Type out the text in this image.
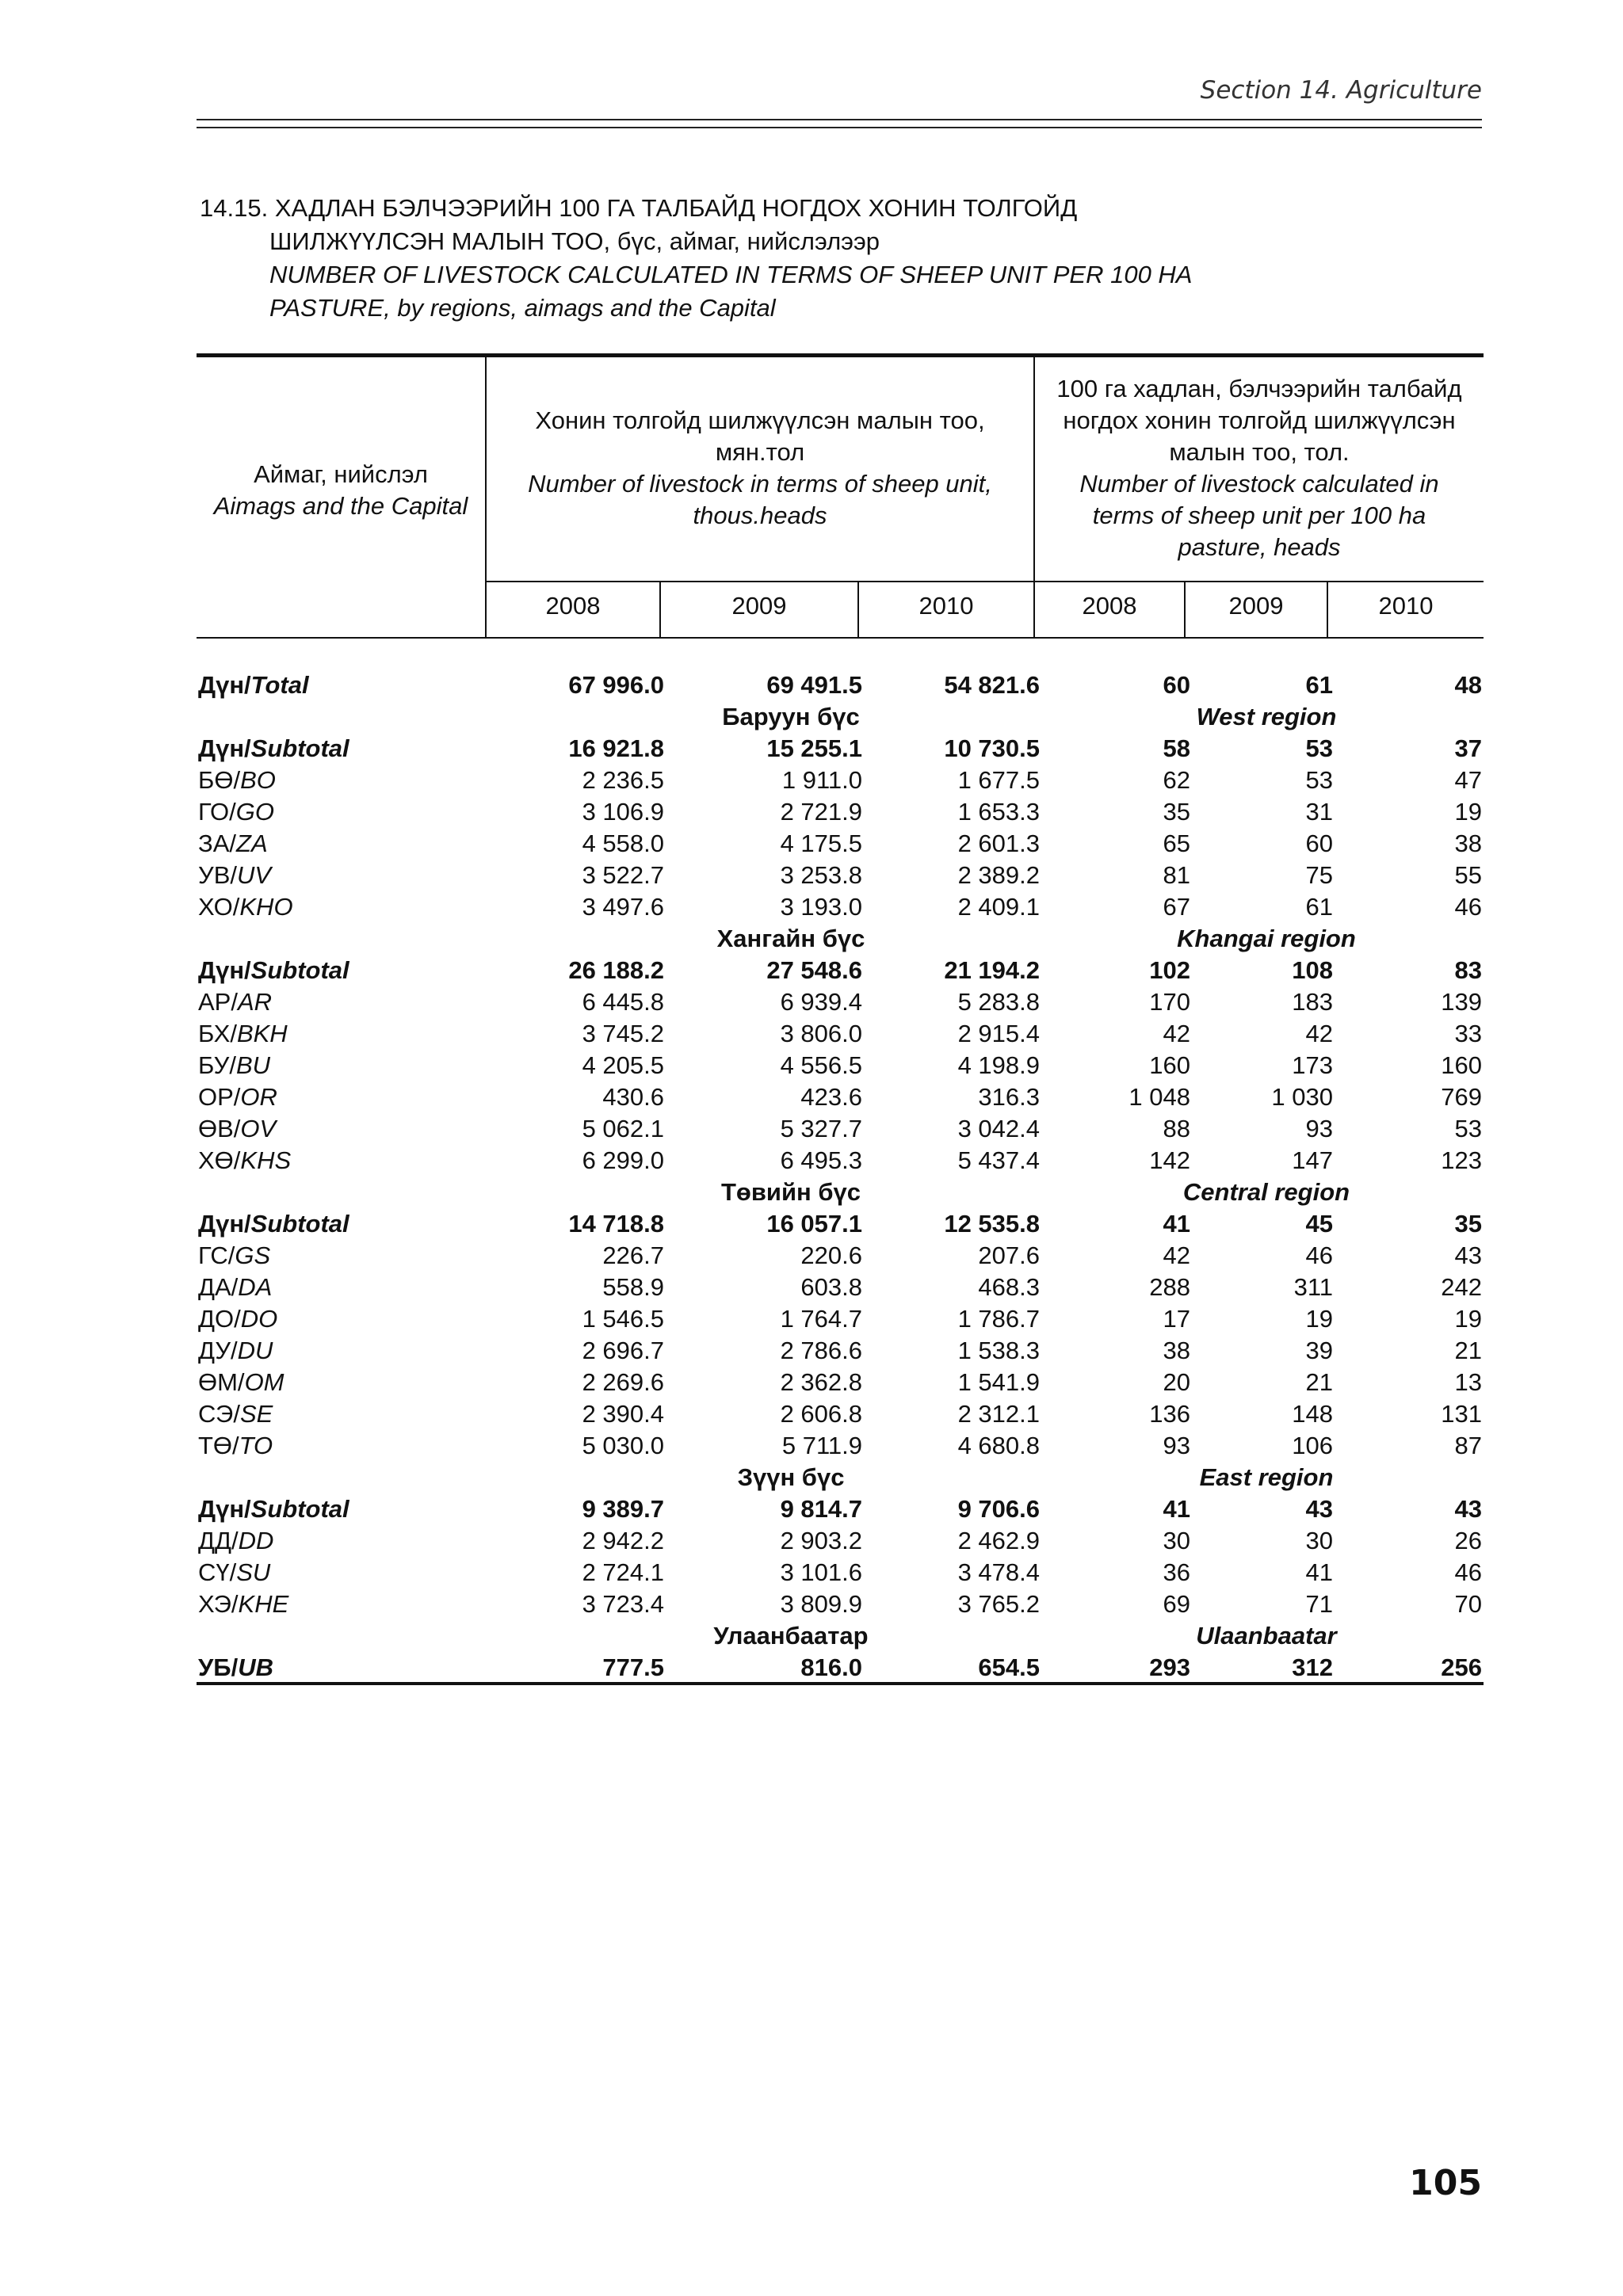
Section 14. Agriculture
14.15. ХАДЛАН БЭЛЧЭЭРИЙН 100 ГА ТАЛБАЙД НОГДОХ ХОНИН ТОЛГОЙД
ШИЛЖҮҮЛСЭН МАЛЫН ТОО, бүс, аймаг, нийслэлээр
NUMBER OF LIVESTOCK CALCULATED IN TERMS OF SHEEP UNIT PER 100 HA
PASTURE, by regions, aimags and the Capital
Аймаг, нийслэл
Aimags and the Capital
Хонин толгойд шилжүүлсэн малын тоо,
мян.тол
Number of livestock in terms of sheep unit,
thous.heads
100 га хадлан, бэлчээрийн талбайд
ногдох хонин толгойд шилжүүлсэн
малын тоо, тол.
Number of livestock calculated in
terms of sheep unit per 100 ha
pasture, heads
2008	2009	2010	2008	2009	2010
Дүн/Total	67 996.0	69 491.5	54 821.6	60	61	48
Баруун бүс	West region
Дүн/Subtotal	16 921.8	15 255.1	10 730.5	58	53	37
БӨ/BO	2 236.5	1 911.0	1 677.5	62	53	47
ГО/GO	3 106.9	2 721.9	1 653.3	35	31	19
ЗА/ZA	4 558.0	4 175.5	2 601.3	65	60	38
УВ/UV	3 522.7	3 253.8	2 389.2	81	75	55
ХО/KHO	3 497.6	3 193.0	2 409.1	67	61	46
Хангайн бүс	Khangai region
Дүн/Subtotal	26 188.2	27 548.6	21 194.2	102	108	83
АР/AR	6 445.8	6 939.4	5 283.8	170	183	139
БХ/BKH	3 745.2	3 806.0	2 915.4	42	42	33
БУ/BU	4 205.5	4 556.5	4 198.9	160	173	160
ОР/OR	430.6	423.6	316.3	1 048	1 030	769
ӨВ/OV	5 062.1	5 327.7	3 042.4	88	93	53
ХӨ/KHS	6 299.0	6 495.3	5 437.4	142	147	123
Төвийн бүс	Central region
Дүн/Subtotal	14 718.8	16 057.1	12 535.8	41	45	35
ГС/GS	226.7	220.6	207.6	42	46	43
ДА/DA	558.9	603.8	468.3	288	311	242
ДО/DO	1 546.5	1 764.7	1 786.7	17	19	19
ДУ/DU	2 696.7	2 786.6	1 538.3	38	39	21
ӨМ/OM	2 269.6	2 362.8	1 541.9	20	21	13
СЭ/SE	2 390.4	2 606.8	2 312.1	136	148	131
ТӨ/TO	5 030.0	5 711.9	4 680.8	93	106	87
Зүүн бүс	East region
Дүн/Subtotal	9 389.7	9 814.7	9 706.6	41	43	43
ДД/DD	2 942.2	2 903.2	2 462.9	30	30	26
СҮ/SU	2 724.1	3 101.6	3 478.4	36	41	46
ХЭ/KHE	3 723.4	3 809.9	3 765.2	69	71	70
Улаанбаатар	Ulaanbaatar
УБ/UB	777.5	816.0	654.5	293	312	256
105
